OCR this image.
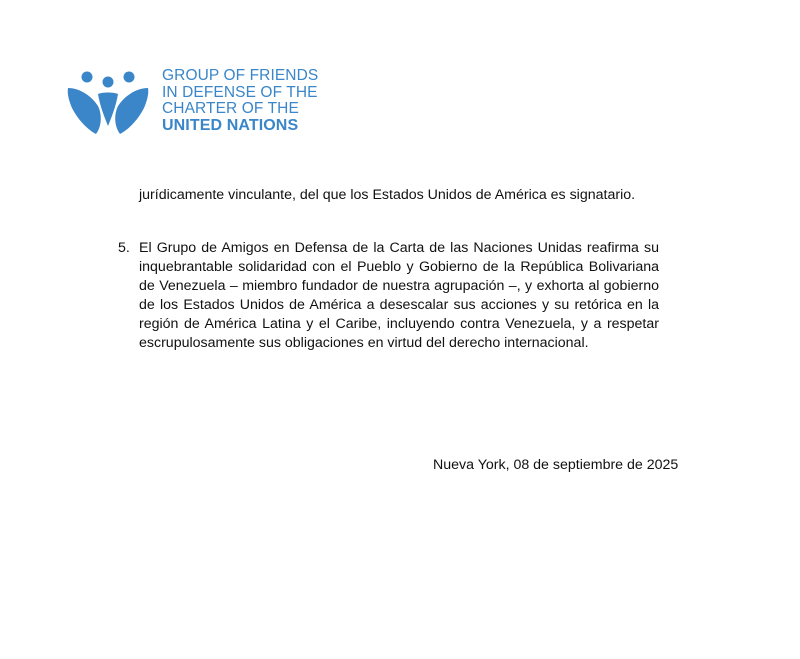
GROUP OF FRIENDS
IN DEFENSE OF THE
CHARTER OF THE
UNITED NATIONS
jurídicamente vinculante, del que los Estados Unidos de América es signatario.
5. El Grupo de Amigos en Defensa de la Carta de las Naciones Unidas reafirma su inquebrantable solidaridad con el Pueblo y Gobierno de la República Bolivariana de Venezuela – miembro fundador de nuestra agrupación –, y exhorta al gobierno de los Estados Unidos de América a desescalar sus acciones y su retórica en la región de América Latina y el Caribe, incluyendo contra Venezuela, y a respetar escrupulosamente sus obligaciones en virtud del derecho internacional.
Nueva York, 08 de septiembre de 2025
